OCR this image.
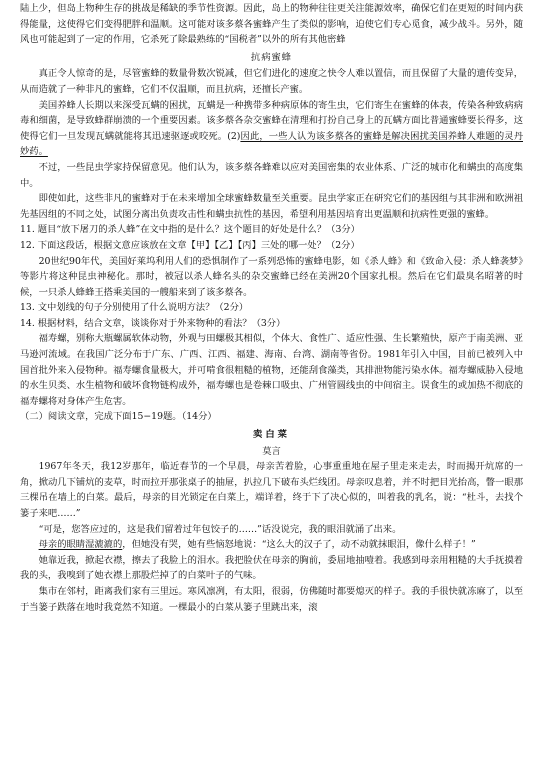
陆上少，但岛上物种生存的挑战是稀缺的季节性资源。因此，岛上的物种往往更关注能源效率，确保它们在更短的时间内获得能量，这使得它们变得肥胖和温顺。这可能对该多蔡各蜜蜂产生了类似的影响，迫使它们专心觅食，减少战斗。另外，随风也可能起到了一定的作用，它杀死了除最熟练的“国税者”以外的所有其他密蜂

抗病蜜蜂

真正令人惊奇的是，尽管蜜蜂的数量骨数次锐减，但它们进化的速度之快令人难以置信，而且保留了大量的遗传变异，从而造就了一种非凡的蜜蜂，它们不仅温顺，而且抗病，还擅长产蜜。

美国养蜂人长期以来深受瓦螨的困扰，瓦螨是一种携带多种病原体的寄生虫，它们寄生在蜜蜂的体表，传染各种致病病毒和细菌，是导致蜂群崩溃的一个重要因素。该多蔡各杂交蜜蜂在清理和打扮自己身上的瓦螨方面比普通蜜蜂要长得多，这使得它们一旦发现瓦螨就能将其迅速驱逐或咬死。(2)因此，一些人认为该多蔡各的蜜蜂是解决困扰美国养蜂人难题的灵丹妙药。

不过，一些昆虫学家持保留意见。他们认为，该多蔡各蜂难以应对美国密集的农业体系、广泛的城市化和螨虫的高度集中。

即使如此，这些非凡的蜜蜂对于在未来增加全球蜜蜂数量至关重要。昆虫学家正在研究它们的基因组与其非洲和欧洲祖先基因组的不同之处，试图分离出负责攻击性和螨虫抗性的基因，希望利用基因培育出更温顺和抗病性更强的蜜蜂。

11. 题目“放下屠刀的杀人蜂”在文中指的是什么？这个题目的好处是什么？（3分）

12. 下面这段话，根据文意应该放在文章【甲】【乙】【丙】三处的哪一处？（2分）

20世纪90年代，美国好莱坞利用人们的恐惧制作了一系列恐怖的蜜蜂电影，如《杀人蜂》和《致命入侵：杀人蜂袭梦》等影片将这种昆虫神秘化。那时，被冠以杀人蜂名头的杂交蜜蜂已经在美洲20个国家扎根。然后在它们最臭名昭著的时候，一只杀人蜂蜂王搭乘美国的一艘船来到了该多蔡各。

13. 文中划线的句子分别使用了什么说明方法？（2分）

14. 根据材料，结合文章，谈谈你对于外来物种的看法？（3分）

福寿螺，别称大瓶螺属软体动物，外观与田螺极其相似，个体大、食性广、适应性强、生长繁殖快，原产于南美洲、亚马逊河流域。在我国广泛分布于广东、广西、江西、福建、海南、台湾、湖南等省份。1981年引入中国，目前已被列入中国首批外来入侵物种。福寿螺食量极大，并可啃食很粗糙的植物，还能刮食藻类，其排泄物能污染水体。福寿螺威胁入侵地的水生贝类、水生植物和破坏食物链构成外，福寿螺也是卷棘口吸虫、广州管圆线虫的中间宿主。误食生的或加热不彻底的福寿螺将对身体产生危害。

（二）阅读文章，完成下面15−19题。（14分）

卖白菜

莫言

1967年冬天，我12岁那年，临近春节的一个早晨，母亲苦着脸，心事重重地在屋子里走来走去，时而揭开炕席的一角，掀动几下铺炕的麦草，时而拉开那张桌子的抽屉，扒拉几下破布头烂线团。母亲叹息着，并不时把目光抬高，瞥一眼那三棵吊在墙上的白菜。最后，母亲的目光锁定在白菜上，端详着，终于下了决心似的，叫着我的乳名，说：“杜斗，去找个篓子来吧……”

“可是，您答应过的，这是我们留着过年包饺子的……”话没说完，我的眼泪就涌了出来。

母亲的眼睛湿漉漉的，但她没有哭，她有些恼怒地说：“这么大的汉子了，动不动就抹眼泪，像什么样子！”

她靠近我，掀起衣襟，擦去了我脸上的泪水。我把脸伏在母亲的胸前，委屈地抽噎着。我感到母亲用粗糙的大手抚摸着我的头，我嗅到了她衣襟上那股烂掉了的白菜叶子的气味。

集市在邻村，距离我们家有三里远。寒风凛冽，有太阳，很弱，仿佛随时都要熄灭的样子。我的手很快就冻麻了，以至于当篓子跌落在地时我竟然不知道。一棵最小的白菜从篓子里跳出来，滚
